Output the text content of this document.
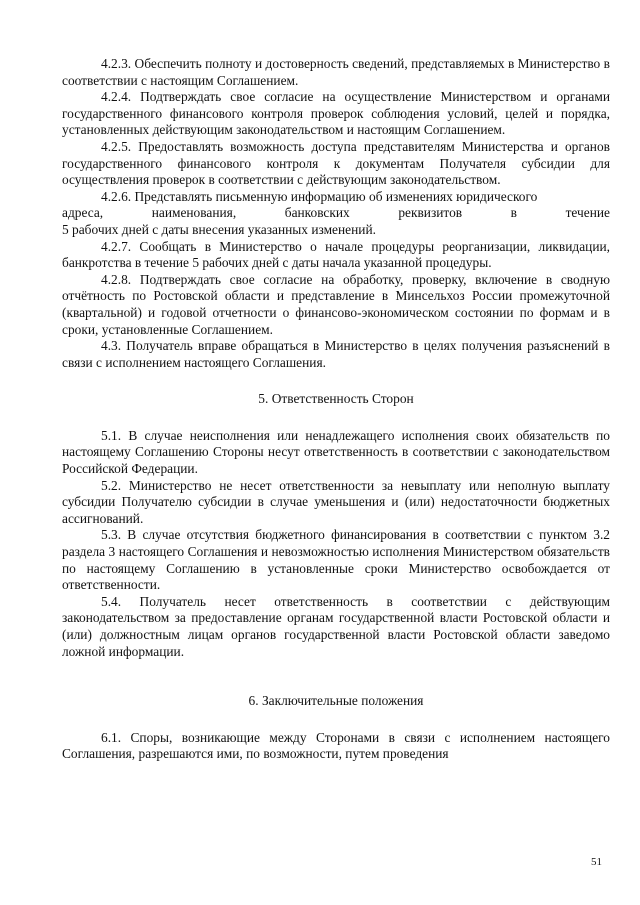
4.2.3. Обеспечить полноту и достоверность сведений, представляемых в Министерство в соответствии с настоящим Соглашением.

4.2.4. Подтверждать свое согласие на осуществление Министерством и органами государственного финансового контроля проверок соблюдения условий, целей и порядка, установленных действующим законодательством и настоящим Соглашением.

4.2.5. Предоставлять возможность доступа представителям Министерства и органов государственного финансового контроля к документам Получателя субсидии для осуществления проверок в соответствии с действующим законодательством.

4.2.6. Представлять письменную информацию об изменениях юридического
адреса,	наименования,	банковских	реквизитов	в	течение
5 рабочих дней с даты внесения указанных изменений.

4.2.7. Сообщать в Министерство о начале процедуры реорганизации, ликвидации, банкротства в течение 5 рабочих дней с даты начала указанной процедуры.

4.2.8. Подтверждать свое согласие на обработку, проверку, включение в сводную отчётность по Ростовской области и представление в Минсельхоз России промежуточной (квартальной) и годовой отчетности о финансово-экономическом состоянии по формам и в сроки, установленные Соглашением.

4.3. Получатель вправе обращаться в Министерство в целях получения разъяснений в связи с исполнением настоящего Соглашения.

5. Ответственность Сторон

5.1. В случае неисполнения или ненадлежащего исполнения своих обязательств по настоящему Соглашению Стороны несут ответственность в соответствии с законодательством Российской Федерации.

5.2. Министерство не несет ответственности за невыплату или неполную выплату субсидии Получателю субсидии в случае уменьшения и (или) недостаточности бюджетных ассигнований.

5.3. В случае отсутствия бюджетного финансирования в соответствии с пунктом 3.2 раздела 3 настоящего Соглашения и невозможностью исполнения Министерством обязательств по настоящему Соглашению в установленные сроки Министерство освобождается от ответственности.

5.4. Получатель несет ответственность в соответствии с действующим законодательством за предоставление органам государственной власти Ростовской области и (или) должностным лицам органов государственной власти Ростовской области заведомо ложной информации.

6. Заключительные положения

6.1. Споры, возникающие между Сторонами в связи с исполнением настоящего Соглашения, разрешаются ими, по возможности, путем проведения

51
